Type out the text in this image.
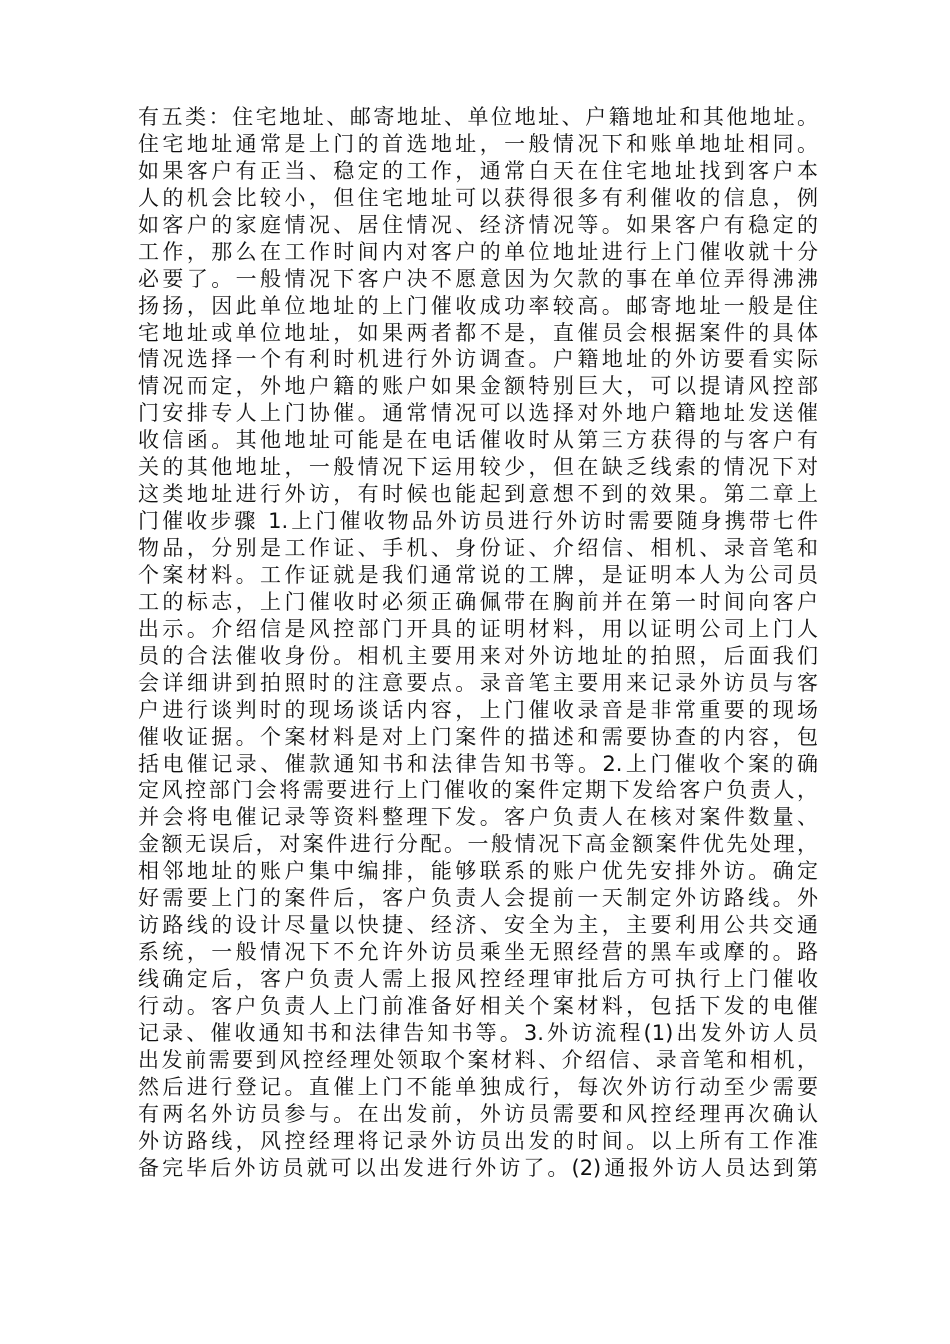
有五类：住宅地址、邮寄地址、单位地址、户籍地址和其他地址。
住宅地址通常是上门的首选地址，一般情况下和账单地址相同。
如果客户有正当、稳定的工作，通常白天在住宅地址找到客户本
人的机会比较小，但住宅地址可以获得很多有利催收的信息，例
如客户的家庭情况、居住情况、经济情况等。如果客户有稳定的
工作，那么在工作时间内对客户的单位地址进行上门催收就十分
必要了。一般情况下客户决不愿意因为欠款的事在单位弄得沸沸
扬扬，因此单位地址的上门催收成功率较高。邮寄地址一般是住
宅地址或单位地址，如果两者都不是，直催员会根据案件的具体
情况选择一个有利时机进行外访调查。户籍地址的外访要看实际
情况而定，外地户籍的账户如果金额特别巨大，可以提请风控部
门安排专人上门协催。通常情况可以选择对外地户籍地址发送催
收信函。其他地址可能是在电话催收时从第三方获得的与客户有
关的其他地址，一般情况下运用较少，但在缺乏线索的情况下对
这类地址进行外访，有时候也能起到意想不到的效果。第二章上
门催收步骤 1.上门催收物品外访员进行外访时需要随身携带七件
物品，分别是工作证、手机、身份证、介绍信、相机、录音笔和
个案材料。工作证就是我们通常说的工牌，是证明本人为公司员
工的标志，上门催收时必须正确佩带在胸前并在第一时间向客户
出示。介绍信是风控部门开具的证明材料，用以证明公司上门人
员的合法催收身份。相机主要用来对外访地址的拍照，后面我们
会详细讲到拍照时的注意要点。录音笔主要用来记录外访员与客
户进行谈判时的现场谈话内容，上门催收录音是非常重要的现场
催收证据。个案材料是对上门案件的描述和需要协查的内容，包
括电催记录、催款通知书和法律告知书等。2.上门催收个案的确
定风控部门会将需要进行上门催收的案件定期下发给客户负责人，
并会将电催记录等资料整理下发。客户负责人在核对案件数量、
金额无误后，对案件进行分配。一般情况下高金额案件优先处理，
相邻地址的账户集中编排，能够联系的账户优先安排外访。确定
好需要上门的案件后，客户负责人会提前一天制定外访路线。外
访路线的设计尽量以快捷、经济、安全为主，主要利用公共交通
系统，一般情况下不允许外访员乘坐无照经营的黑车或摩的。路
线确定后，客户负责人需上报风控经理审批后方可执行上门催收
行动。客户负责人上门前准备好相关个案材料，包括下发的电催
记录、催收通知书和法律告知书等。3.外访流程(1)出发外访人员
出发前需要到风控经理处领取个案材料、介绍信、录音笔和相机，
然后进行登记。直催上门不能单独成行，每次外访行动至少需要
有两名外访员参与。在出发前，外访员需要和风控经理再次确认
外访路线，风控经理将记录外访员出发的时间。以上所有工作准
备完毕后外访员就可以出发进行外访了。(2)通报外访人员达到第
